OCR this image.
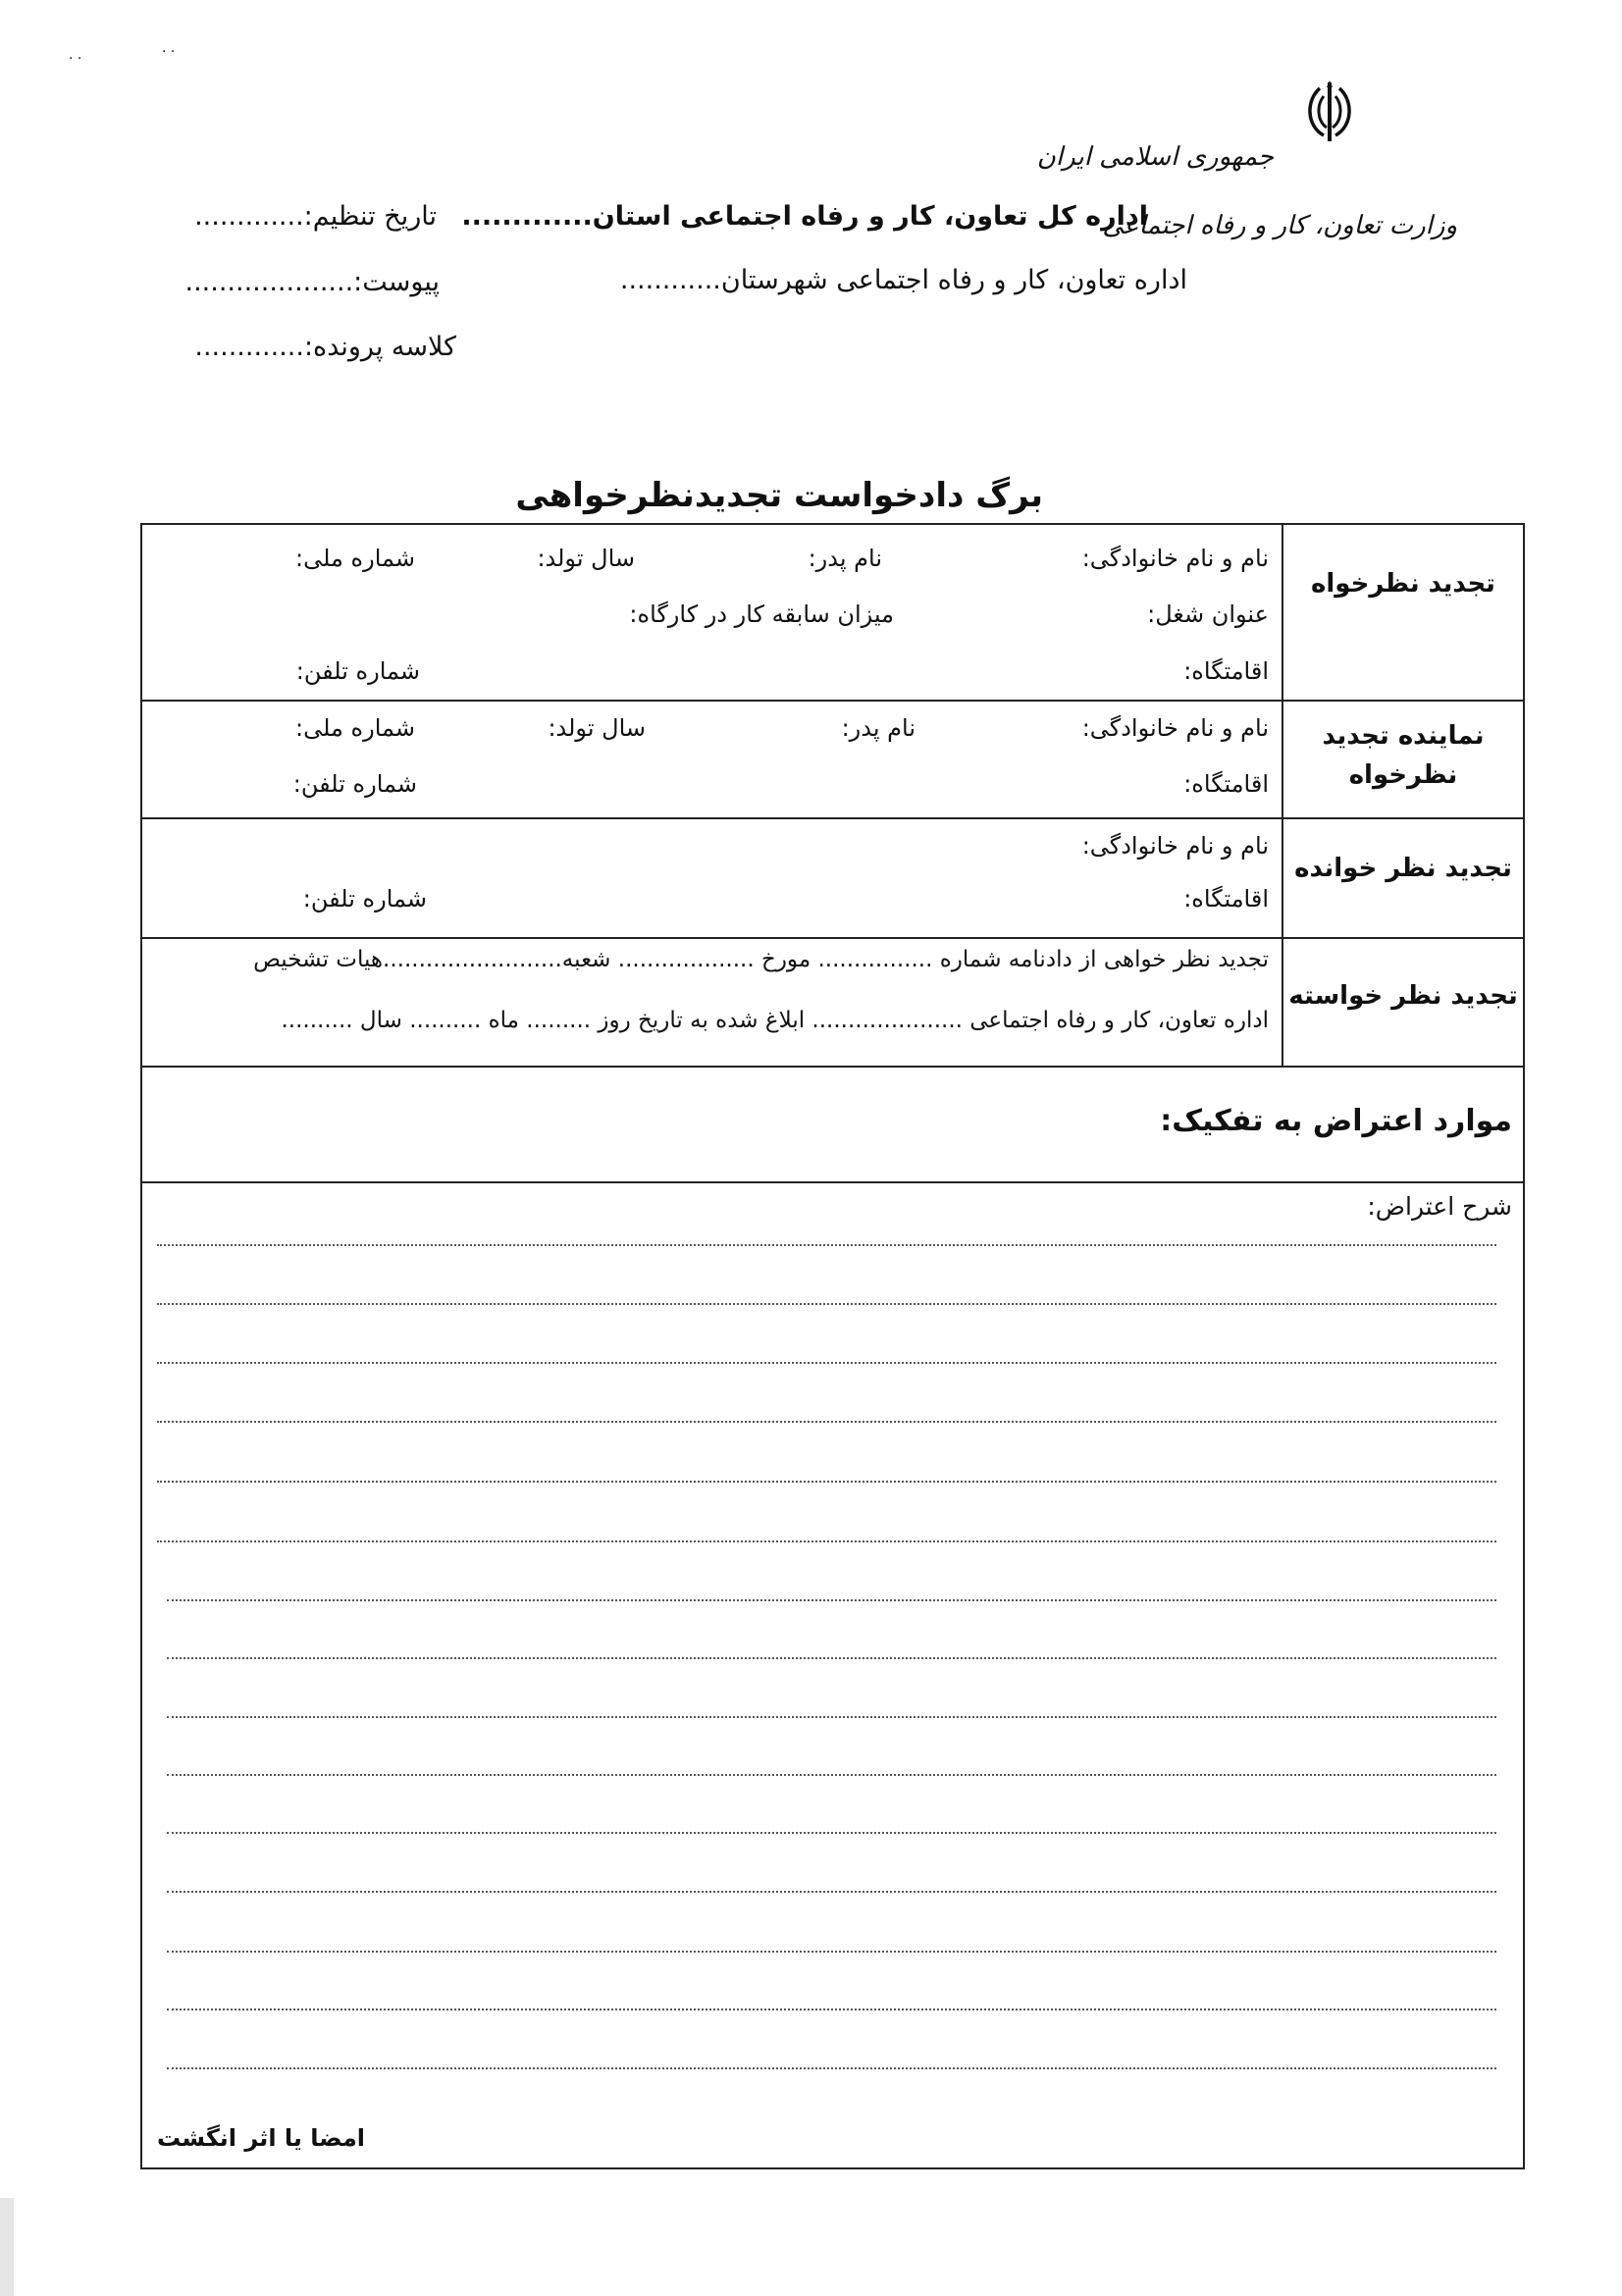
· ·	· ·
جمهوری اسلامی ایران
وزارت تعاون، کار و رفاه اجتماعی
اداره کل تعاون، کار و رفاه اجتماعی استان.............
اداره تعاون، کار و رفاه اجتماعی شهرستان............
تاریخ تنظیم:.............
پیوست:....................
کلاسه پرونده:.............
برگ دادخواست تجدیدنظرخواهی
تجدید نظرخواه
نام و نام خانوادگی:
نام پدر:
سال تولد:
شماره ملی:
عنوان شغل:
میزان سابقه کار در کارگاه:
اقامتگاه:
شماره تلفن:
نماینده تجدید
نظرخواه
نام و نام خانوادگی:
نام پدر:
سال تولد:
شماره ملی:
اقامتگاه:
شماره تلفن:
تجدید نظر خوانده
نام و نام خانوادگی:
اقامتگاه:
شماره تلفن:
تجدید نظر خواسته
تجدید نظر خواهی از دادنامه شماره ................ مورخ ................... شعبه.........................هیات تشخیص
اداره تعاون، کار و رفاه اجتماعی ..................... ابلاغ شده به تاریخ روز ......... ماه .......... سال ..........
موارد اعتراض به تفکیک:
شرح اعتراض:
امضا یا اثر انگشت
